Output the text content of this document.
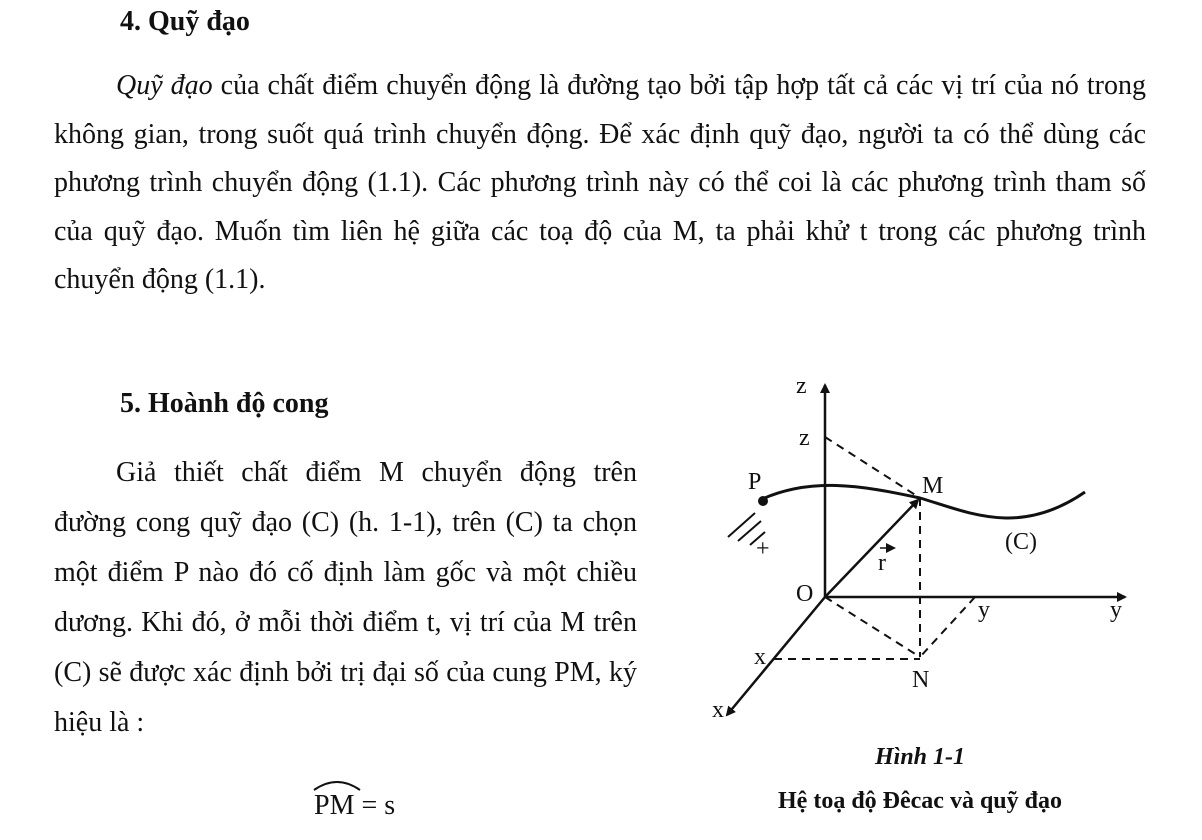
4. Quỹ đạo

Quỹ đạo của chất điểm chuyển động là đường tạo bởi tập hợp tất cả các vị trí của nó trong không gian, trong suốt quá trình chuyển động. Để xác định quỹ đạo, người ta có thể dùng các phương trình chuyển động (1.1). Các phương trình này có thể coi là các phương trình tham số của quỹ đạo. Muốn tìm liên hệ giữa các toạ độ của M, ta phải khử t trong các phương trình chuyển động (1.1).

5. Hoành độ cong

Giả thiết chất điểm M chuyển động trên đường cong quỹ đạo (C) (h. 1-1), trên (C) ta chọn một điểm P nào đó cố định làm gốc và một chiều dương. Khi đó, ở mỗi thời điểm t, vị trí của M trên (C) sẽ được xác định bởi trị đại số của cung PM, ký hiệu là :

PM = s
z
z
P	M
(C)
+
r
O
y	y
x
N
x
Hình 1-1
Hệ toạ độ Đêcac và quỹ đạo
